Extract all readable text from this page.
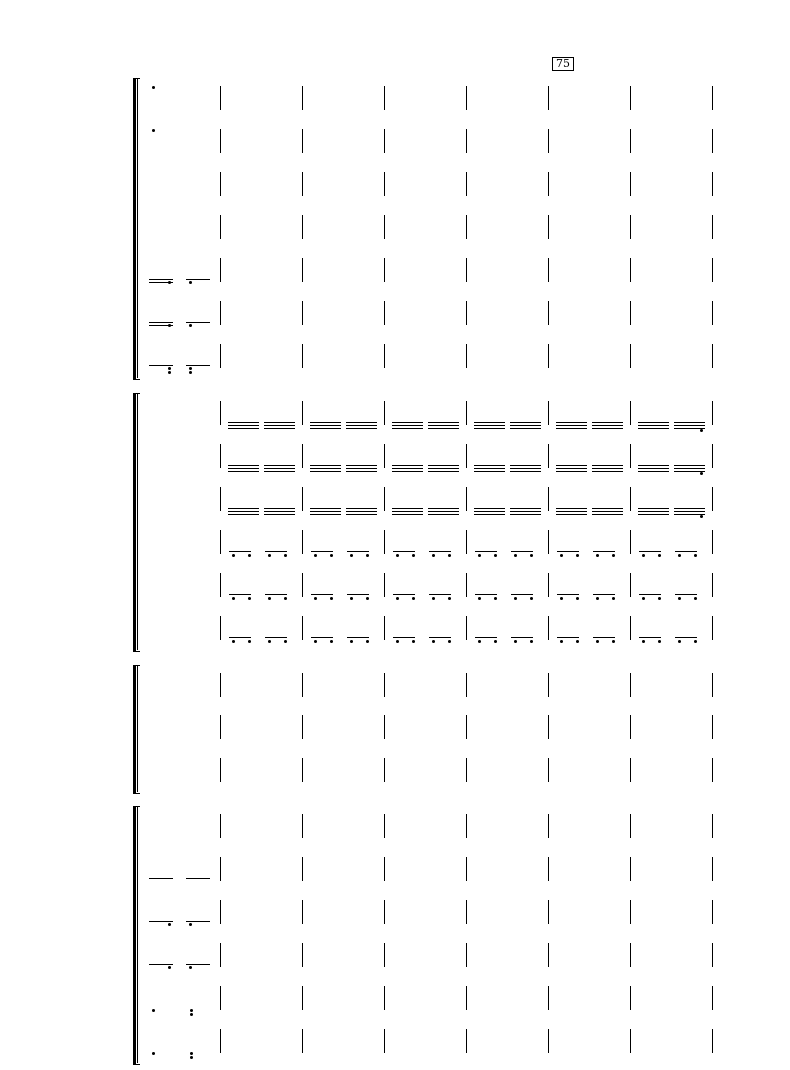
75
